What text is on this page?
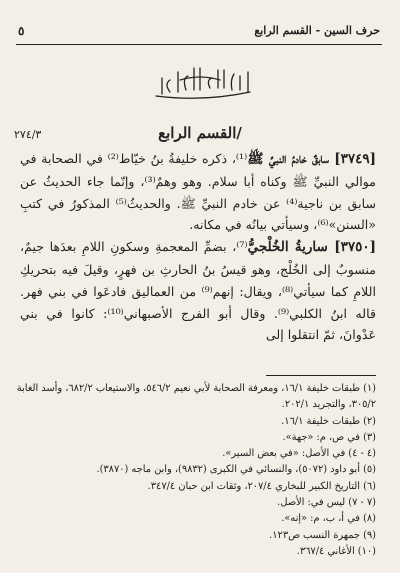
حرف السين - القسم الرابع
٥
٢٧٤/٣	/القسم الرابع

[٣٧٤٩] سابقٌ خادمُ النبيِّ ﷺ⁽¹⁾، ذكره خليفةُ بنُ خيّاط⁽²⁾ في الصحابة في موالي النبيِّ ﷺ وكناه أبا سلام. وهو وهمٌ⁽³⁾، وإنّما جاء الحديثُ عن سابق بن ناجية⁽⁴⁾ عن خادم النبيِّ ﷺ. والحديثُ⁽⁵⁾ المذكورُ في كتبِ «السنن»⁽⁶⁾، وسيأتي بيانُه في مكانه.

[٣٧٥٠] ساريةُ الخُلْجيُّ⁽⁷⁾، بضمِّ المعجمةِ وسكونِ اللامِ بعدَها جيمٌ، منسوبٌ إلى الخُلْج، وهو قيسُ بنُ الحارثِ بن فهرٍ، وقيلَ فيه بتحريكِ اللامِ كما سيأتي⁽⁸⁾، ويقال: إنهم⁽⁹⁾ من العماليق فادعَوا في بني فهر. قاله ابنُ الكلبي⁽⁹⁾. وقال أبو الفرج الأصبهاني⁽¹⁰⁾: كانوا في بني عَدْوانَ، ثمّ انتقلوا إلى

(١) طبقات خليفة ١٦/١، ومعرفة الصحابة لأبي نعيم ٥٤٦/٢، والاستيعاب ٦٨٢/٢، وأسد الغابة
٣٠٥/٢، والتجريد ٢٠٢/١.
(٢) طبقات خليفة ١٦/١.
(٣) في ص، م: «جهة».
(٤ - ٤) في الأصل: «في بعض السير».
(٥) أبو داود (٥٠٧٢)، والنسائي في الكبرى (٩٨٣٢)، وابن ماجه (٣٨٧٠).
(٦) التاريخ الكبير للبخاري ٢٠٧/٤، وثقات ابن حبان ٣٤٧/٤.
(٧ - ٧) ليس في: الأصل.
(٨) في أ، ب، م: «إنه».
(٩) جمهرة النسب ص١٢٣.
(١٠) الأغاني ٣٦٧/٤.
